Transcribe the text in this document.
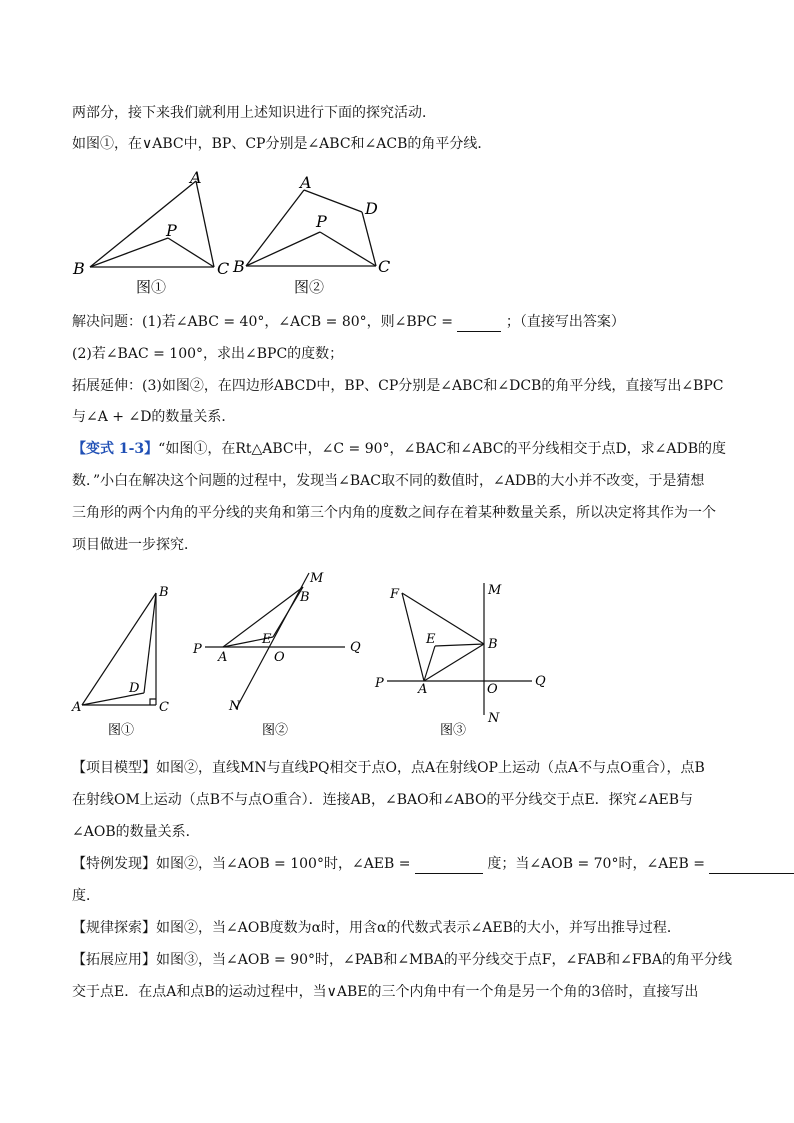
两部分，接下来我们就利用上述知识进行下面的探究活动．
如图①，在∨ABC中，BP、CP分别是∠ABC和∠ACB的角平分线．
A
B	C
P
图①
A
D
P
B	C
图②
解决问题：(1)若∠ABC = 40°，∠ACB = 80°，则∠BPC =	；（直接写出答案）
(2)若∠BAC = 100°，求出∠BPC的度数；
拓展延伸：(3)如图②，在四边形ABCD中，BP、CP分别是∠ABC和∠DCB的角平分线，直接写出∠BPC
与∠A + ∠D的数量关系．
【变式 1-3】“如图①，在Rt△ABC中，∠C = 90°，∠BAC和∠ABC的平分线相交于点D，求∠ADB的度
数．”小白在解决这个问题的过程中，发现当∠BAC取不同的数值时，∠ADB的大小并不改变，于是猜想
三角形的两个内角的平分线的夹角和第三个内角的度数之间存在着某种数量关系，所以决定将其作为一个
项目做进一步探究．
B
D
A	C
图①
M
B
E
P
A	O
Q
N
图②
F	M
E	B
P	A	O
Q
N
图③
【项目模型】如图②，直线MN与直线PQ相交于点O，点A在射线OP上运动（点A不与点O重合），点B
在射线OM上运动（点B不与点O重合）．连接AB，∠BAO和∠ABO的平分线交于点E．探究∠AEB与
∠AOB的数量关系．
【特例发现】如图②，当∠AOB = 100°时，∠AEB =	度；当∠AOB = 70°时，∠AEB =
度．
【规律探索】如图②，当∠AOB度数为α时，用含α的代数式表示∠AEB的大小，并写出推导过程．
【拓展应用】如图③，当∠AOB = 90°时，∠PAB和∠MBA的平分线交于点F，∠FAB和∠FBA的角平分线
交于点E．在点A和点B的运动过程中，当∨ABE的三个内角中有一个角是另一个角的3倍时，直接写出
